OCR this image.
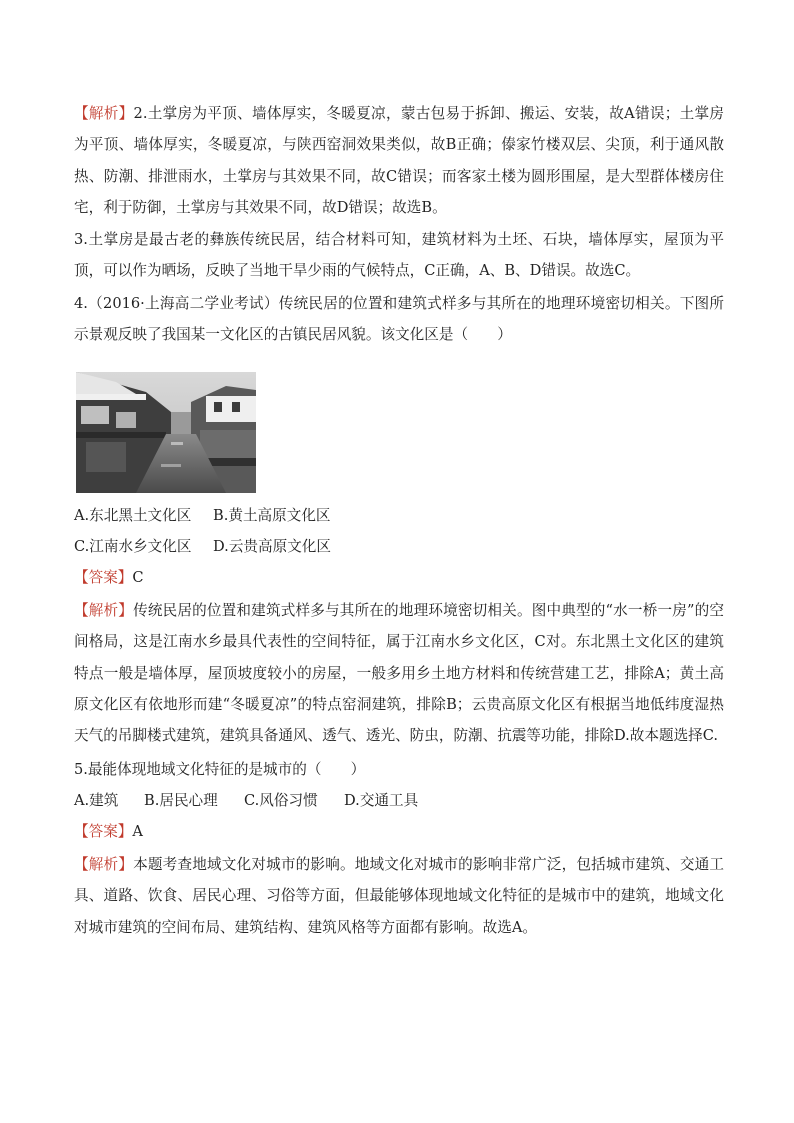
【解析】2.土掌房为平顶、墙体厚实，冬暖夏凉，蒙古包易于拆卸、搬运、安装，故A错误；土掌房为平顶、墙体厚实，冬暖夏凉，与陕西窑洞效果类似，故B正确；傣家竹楼双层、尖顶，利于通风散热、防潮、排泄雨水，土掌房与其效果不同，故C错误；而客家土楼为圆形围屋，是大型群体楼房住宅，利于防御，土掌房与其效果不同，故D错误；故选B。
3.土掌房是最古老的彝族传统民居，结合材料可知，建筑材料为土坯、石块，墙体厚实，屋顶为平顶，可以作为晒场，反映了当地干旱少雨的气候特点，C正确，A、B、D错误。故选C。
4.（2016·上海高二学业考试）传统民居的位置和建筑式样多与其所在的地理环境密切相关。下图所示景观反映了我国某一文化区的古镇民居风貌。该文化区是（　　）
A.东北黑土文化区 B.黄土高原文化区
C.江南水乡文化区 D.云贵高原文化区
【答案】C
【解析】传统民居的位置和建筑式样多与其所在的地理环境密切相关。图中典型的“水一桥一房”的空间格局，这是江南水乡最具代表性的空间特征，属于江南水乡文化区，C对。东北黑土文化区的建筑特点一般是墙体厚，屋顶坡度较小的房屋，一般多用乡土地方材料和传统营建工艺，排除A；黄土高原文化区有依地形而建“冬暖夏凉”的特点窑洞建筑，排除B；云贵高原文化区有根据当地低纬度湿热天气的吊脚楼式建筑，建筑具备通风、透气、透光、防虫，防潮、抗震等功能，排除D.故本题选择C.
5.最能体现地域文化特征的是城市的（　　）
A.建筑 B.居民心理 C.风俗习惯 D.交通工具
【答案】A
【解析】本题考查地域文化对城市的影响。地域文化对城市的影响非常广泛，包括城市建筑、交通工具、道路、饮食、居民心理、习俗等方面，但最能够体现地域文化特征的是城市中的建筑，地域文化对城市建筑的空间布局、建筑结构、建筑风格等方面都有影响。故选A。
